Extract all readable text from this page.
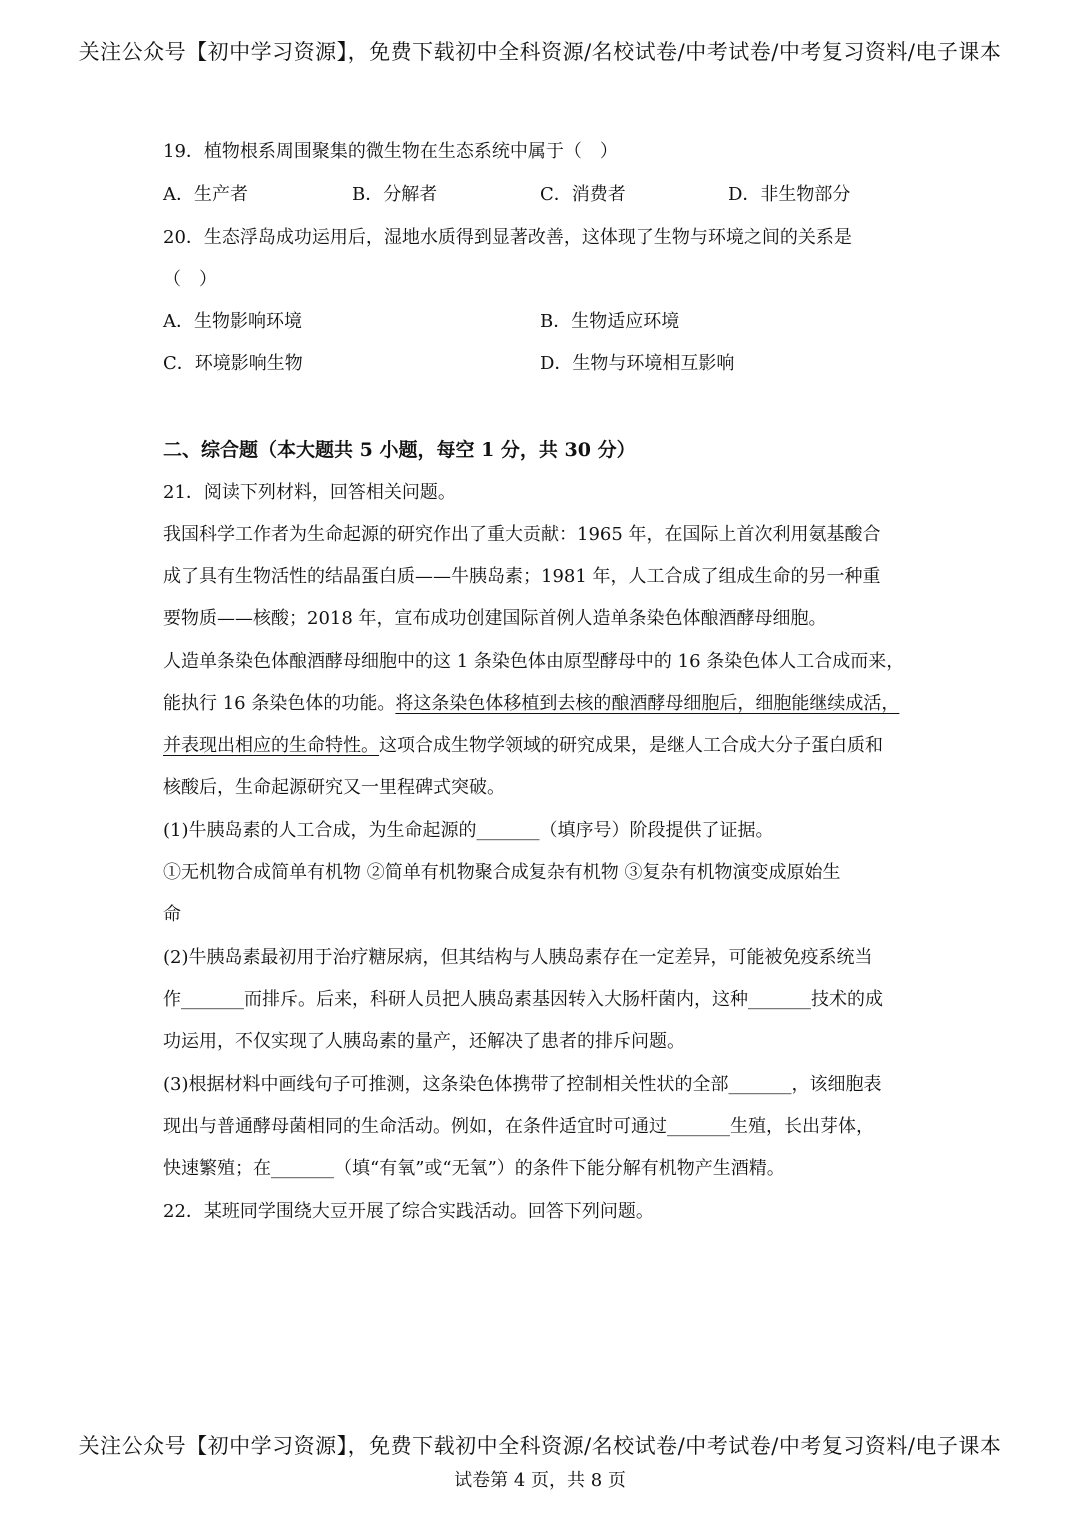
关注公众号【初中学习资源】，免费下载初中全科资源/名校试卷/中考试卷/中考复习资料/电子课本
19．植物根系周围聚集的微生物在生态系统中属于（　）
A．生产者	B．分解者	C．消费者	D．非生物部分
20．生态浮岛成功运用后，湿地水质得到显著改善，这体现了生物与环境之间的关系是
（　）
A．生物影响环境	B．生物适应环境
C．环境影响生物	D．生物与环境相互影响
二、综合题（本大题共 5 小题，每空 1 分，共 30 分）
21．阅读下列材料，回答相关问题。
我国科学工作者为生命起源的研究作出了重大贡献：1965 年，在国际上首次利用氨基酸合
成了具有生物活性的结晶蛋白质——牛胰岛素；1981 年，人工合成了组成生命的另一种重
要物质——核酸；2018 年，宣布成功创建国际首例人造单条染色体酿酒酵母细胞。
人造单条染色体酿酒酵母细胞中的这 1 条染色体由原型酵母中的 16 条染色体人工合成而来，
能执行 16 条染色体的功能。将这条染色体移植到去核的酿酒酵母细胞后，细胞能继续成活，
并表现出相应的生命特性。这项合成生物学领域的研究成果，是继人工合成大分子蛋白质和
核酸后，生命起源研究又一里程碑式突破。
(1)牛胰岛素的人工合成，为生命起源的_______（填序号）阶段提供了证据。
①无机物合成简单有机物 ②简单有机物聚合成复杂有机物 ③复杂有机物演变成原始生
命
(2)牛胰岛素最初用于治疗糖尿病，但其结构与人胰岛素存在一定差异，可能被免疫系统当
作_______而排斥。后来，科研人员把人胰岛素基因转入大肠杆菌内，这种_______技术的成
功运用，不仅实现了人胰岛素的量产，还解决了患者的排斥问题。
(3)根据材料中画线句子可推测，这条染色体携带了控制相关性状的全部_______，该细胞表
现出与普通酵母菌相同的生命活动。例如，在条件适宜时可通过_______生殖，长出芽体，
快速繁殖；在_______（填“有氧”或“无氧”）的条件下能分解有机物产生酒精。
22．某班同学围绕大豆开展了综合实践活动。回答下列问题。
关注公众号【初中学习资源】，免费下载初中全科资源/名校试卷/中考试卷/中考复习资料/电子课本
试卷第 4 页，共 8 页
